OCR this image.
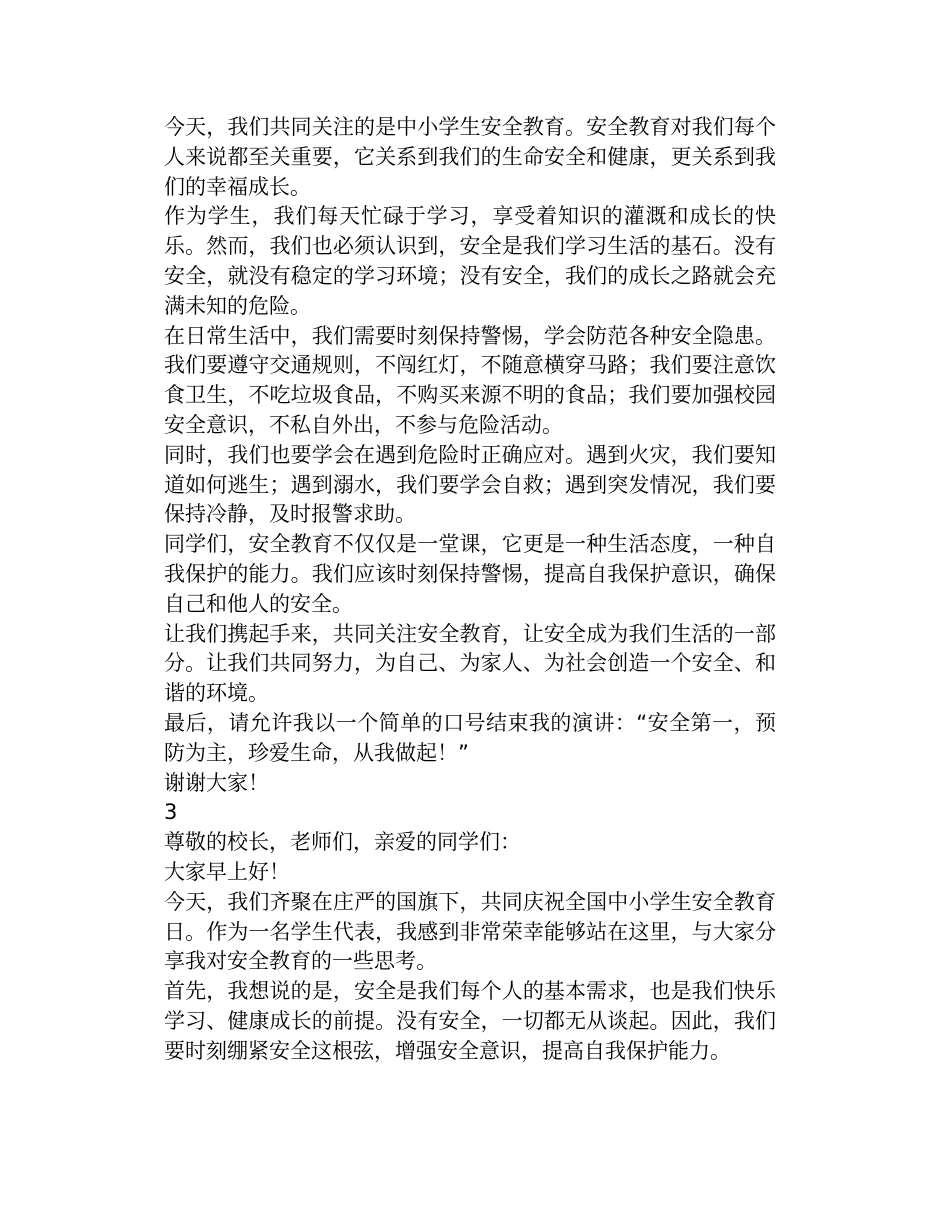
今天，我们共同关注的是中小学生安全教育。安全教育对我们每个人来说都至关重要，它关系到我们的生命安全和健康，更关系到我们的幸福成长。

作为学生，我们每天忙碌于学习，享受着知识的灌溉和成长的快乐。然而，我们也必须认识到，安全是我们学习生活的基石。没有安全，就没有稳定的学习环境；没有安全，我们的成长之路就会充满未知的危险。

在日常生活中，我们需要时刻保持警惕，学会防范各种安全隐患。我们要遵守交通规则，不闯红灯，不随意横穿马路；我们要注意饮食卫生，不吃垃圾食品，不购买来源不明的食品；我们要加强校园安全意识，不私自外出，不参与危险活动。

同时，我们也要学会在遇到危险时正确应对。遇到火灾，我们要知道如何逃生；遇到溺水，我们要学会自救；遇到突发情况，我们要保持冷静，及时报警求助。

同学们，安全教育不仅仅是一堂课，它更是一种生活态度，一种自我保护的能力。我们应该时刻保持警惕，提高自我保护意识，确保自己和他人的安全。

让我们携起手来，共同关注安全教育，让安全成为我们生活的一部分。让我们共同努力，为自己、为家人、为社会创造一个安全、和谐的环境。

最后，请允许我以一个简单的口号结束我的演讲：“安全第一，预防为主，珍爱生命，从我做起！”

谢谢大家！

3

尊敬的校长，老师们，亲爱的同学们：

大家早上好！

今天，我们齐聚在庄严的国旗下，共同庆祝全国中小学生安全教育日。作为一名学生代表，我感到非常荣幸能够站在这里，与大家分享我对安全教育的一些思考。

首先，我想说的是，安全是我们每个人的基本需求，也是我们快乐学习、健康成长的前提。没有安全，一切都无从谈起。因此，我们要时刻绷紧安全这根弦，增强安全意识，提高自我保护能力。
